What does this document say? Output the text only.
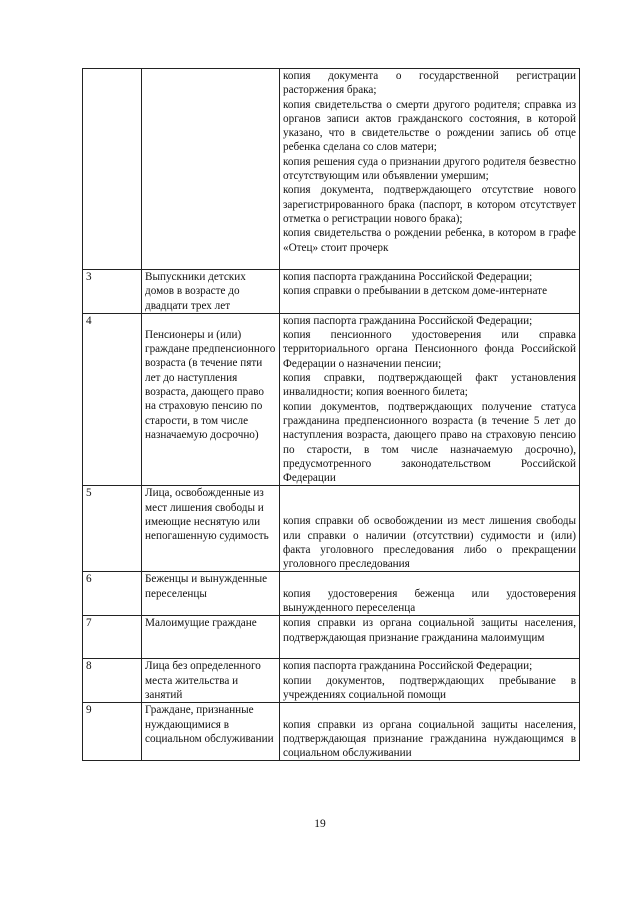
		копия документа о государственной регистрации расторжения брака;
копия свидетельства о смерти другого родителя; справка из органов записи актов гражданского состояния, в которой указано, что в свидетельстве о рождении запись об отце ребенка сделана со слов матери;
копия решения суда о признании другого родителя безвестно отсутствующим или объявлении умершим;
копия документа, подтверждающего отсутствие нового зарегистрированного брака (паспорт, в котором отсутствует отметка о регистрации нового брака);
копия свидетельства о рождении ребенка, в котором в графе «Отец» стоит прочерк

3	Выпускники детских домов в возрасте до двадцати трех лет	копия паспорта гражданина Российской Федерации;
копия справки о пребывании в детском доме-интернате

4	Пенсионеры и (или) граждане предпенсионного возраста (в течение пяти лет до наступления возраста, дающего право на страховую пенсию по старости, в том числе назначаемую досрочно)	копия паспорта гражданина Российской Федерации;
копия пенсионного удостоверения или справка территориального органа Пенсионного фонда Российской Федерации о назначении пенсии;
копия справки, подтверждающей факт установления инвалидности; копия военного билета;
копии документов, подтверждающих получение статуса гражданина предпенсионного возраста (в течение 5 лет до наступления возраста, дающего право на страховую пенсию по старости, в том числе назначаемую досрочно), предусмотренного законодательством Российской Федерации

5	Лица, освобожденные из мест лишения свободы и имеющие неснятую или непогашенную судимость	копия справки об освобождении из мест лишения свободы или справки о наличии (отсутствии) судимости и (или) факта уголовного преследования либо о прекращении уголовного преследования

6	Беженцы и вынужденные переселенцы	копия удостоверения беженца или удостоверения вынужденного переселенца

7	Малоимущие граждане	копия справки из органа социальной защиты населения, подтверждающая признание гражданина малоимущим

8	Лица без определенного места жительства и занятий	копия паспорта гражданина Российской Федерации;
копии документов, подтверждающих пребывание в учреждениях социальной помощи

9	Граждане, признанные нуждающимися в социальном обслуживании	копия справки из органа социальной защиты населения, подтверждающая признание гражданина нуждающимся в социальном обслуживании
19
